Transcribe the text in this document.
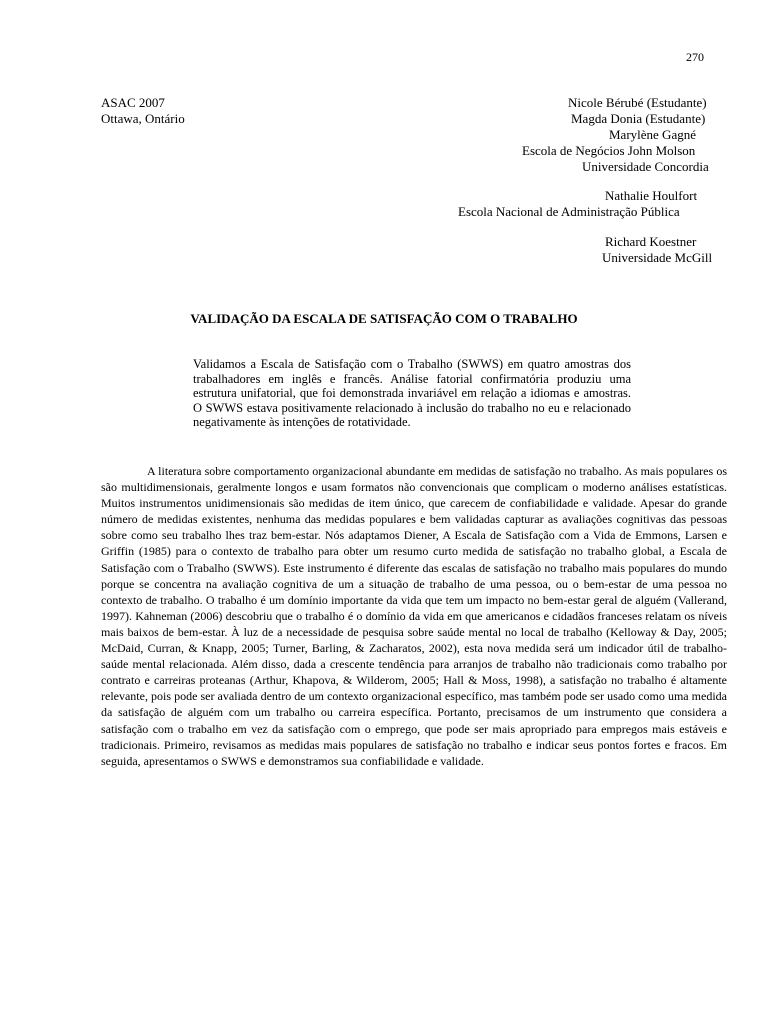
270
ASAC 2007
Ottawa, Ontário
Nicole Bérubé (Estudante)
Magda Donia (Estudante)
Marylène Gagné
Escola de Negócios John Molson
Universidade Concordia
Nathalie Houlfort
Escola Nacional de Administração Pública
Richard Koestner
Universidade McGill
VALIDAÇÃO DA ESCALA DE SATISFAÇÃO COM O TRABALHO
Validamos a Escala de Satisfação com o Trabalho (SWWS) em quatro amostras dos trabalhadores em inglês e francês. Análise fatorial confirmatória produziu uma estrutura unifatorial, que foi demonstrada invariável em relação a idiomas e amostras. O SWWS estava positivamente relacionado à inclusão do trabalho no eu e relacionado negativamente às intenções de rotatividade.
A literatura sobre comportamento organizacional abundante em medidas de satisfação no trabalho. As mais populares os são multidimensionais, geralmente longos e usam formatos não convencionais que complicam o moderno análises estatísticas. Muitos instrumentos unidimensionais são medidas de item único, que carecem de confiabilidade e validade. Apesar do grande número de medidas existentes, nenhuma das medidas populares e bem validadas capturar as avaliações cognitivas das pessoas sobre como seu trabalho lhes traz bem-estar. Nós adaptamos Diener, A Escala de Satisfação com a Vida de Emmons, Larsen e Griffin (1985) para o contexto de trabalho para obter um resumo curto medida de satisfação no trabalho global, a Escala de Satisfação com o Trabalho (SWWS). Este instrumento é diferente das escalas de satisfação no trabalho mais populares do mundo porque se concentra na avaliação cognitiva de um a situação de trabalho de uma pessoa, ou o bem-estar de uma pessoa no contexto de trabalho. O trabalho é um domínio importante da vida que tem um impacto no bem-estar geral de alguém (Vallerand, 1997). Kahneman (2006) descobriu que o trabalho é o domínio da vida em que americanos e cidadãos franceses relatam os níveis mais baixos de bem-estar. À luz de a necessidade de pesquisa sobre saúde mental no local de trabalho (Kelloway & Day, 2005; McDaid, Curran, & Knapp, 2005; Turner, Barling, & Zacharatos, 2002), esta nova medida será um indicador útil de trabalho-saúde mental relacionada. Além disso, dada a crescente tendência para arranjos de trabalho não tradicionais como trabalho por contrato e carreiras proteanas (Arthur, Khapova, & Wilderom, 2005; Hall & Moss, 1998), a satisfação no trabalho é altamente relevante, pois pode ser avaliada dentro de um contexto organizacional específico, mas também pode ser usado como uma medida da satisfação de alguém com um trabalho ou carreira específica. Portanto, precisamos de um instrumento que considera a satisfação com o trabalho em vez da satisfação com o emprego, que pode ser mais apropriado para empregos mais estáveis e tradicionais. Primeiro, revisamos as medidas mais populares de satisfação no trabalho e indicar seus pontos fortes e fracos. Em seguida, apresentamos o SWWS e demonstramos sua confiabilidade e validade.
